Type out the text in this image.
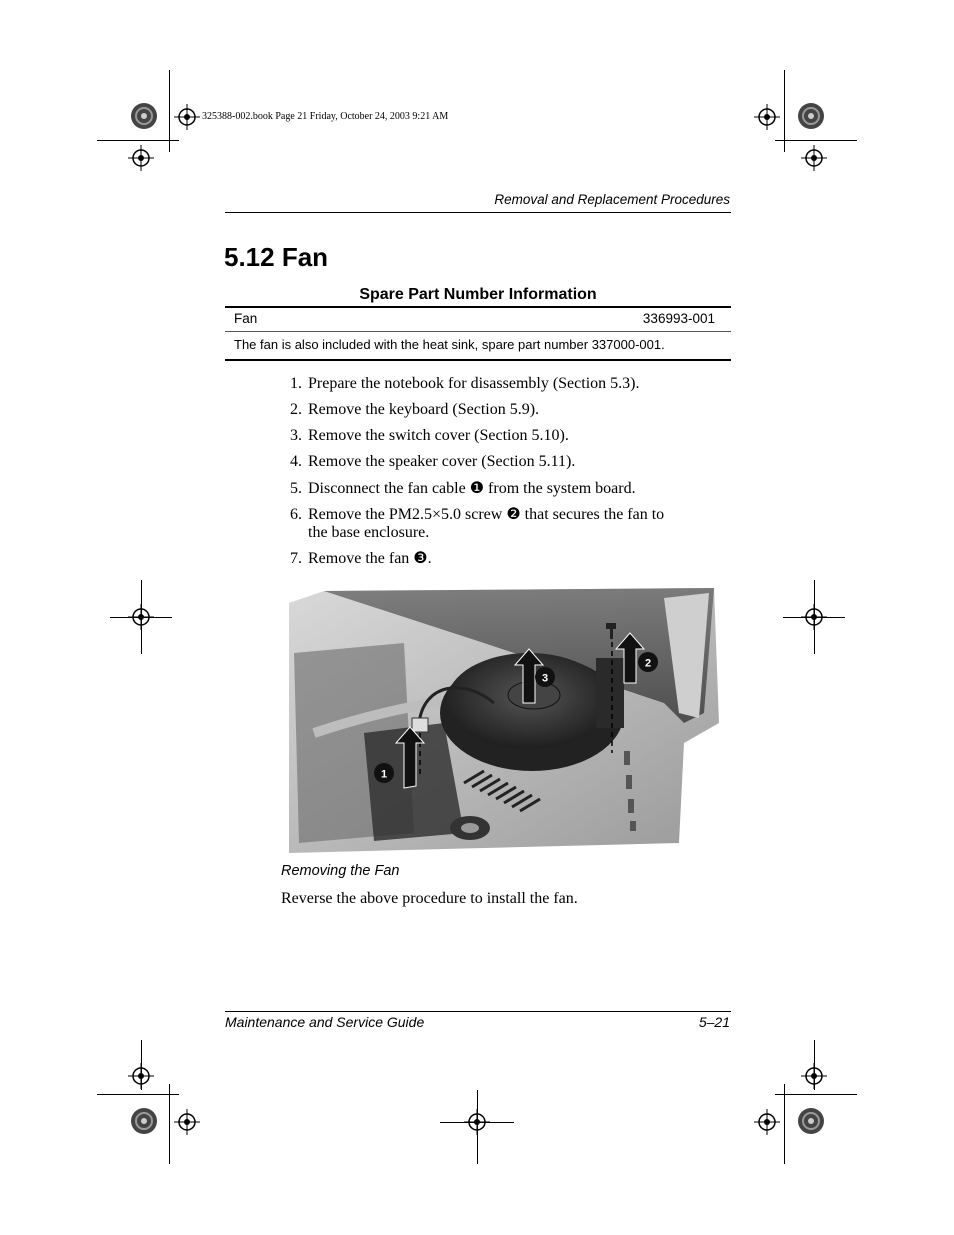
325388-002.book Page 21 Friday, October 24, 2003 9:21 AM
Removal and Replacement Procedures
5.12 Fan
Spare Part Number Information
Fan	336993-001
The fan is also included with the heat sink, spare part number 337000-001.
1. Prepare the notebook for disassembly (Section 5.3).
2. Remove the keyboard (Section 5.9).
3. Remove the switch cover (Section 5.10).
4. Remove the speaker cover (Section 5.11).
5. Disconnect the fan cable ❶ from the system board.
6. Remove the PM2.5×5.0 screw ❷ that secures the fan to the base enclosure.
7. Remove the fan ❸.
1
2
3
Removing the Fan
Reverse the above procedure to install the fan.
Maintenance and Service Guide	5–21
